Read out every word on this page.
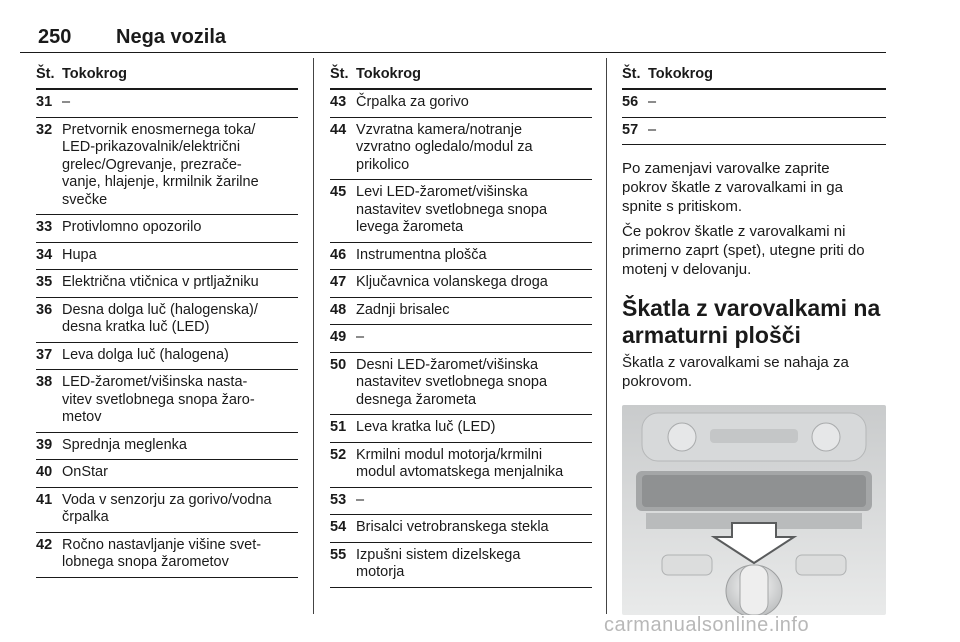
250 Nega vozila
Št. Tokokrog
31 –
32 Pretvornik enosmernega toka/
LED-prikazovalnik/električni
grelec/Ogrevanje, prezrače-
vanje, hlajenje, krmilnik žarilne
svečke
33 Protivlomno opozorilo
34 Hupa
35 Električna vtičnica v prtljažniku
36 Desna dolga luč (halogenska)/
desna kratka luč (LED)
37 Leva dolga luč (halogena)
38 LED-žaromet/višinska nasta-
vitev svetlobnega snopa žaro-
metov
39 Sprednja meglenka
40 OnStar
41 Voda v senzorju za gorivo/vodna
črpalka
42 Ročno nastavljanje višine svet-
lobnega snopa žarometov
Št. Tokokrog
43 Črpalka za gorivo
44 Vzvratna kamera/notranje
vzvratno ogledalo/modul za
prikolico
45 Levi LED-žaromet/višinska
nastavitev svetlobnega snopa
levega žarometa
46 Instrumentna plošča
47 Ključavnica volanskega droga
48 Zadnji brisalec
49 –
50 Desni LED-žaromet/višinska
nastavitev svetlobnega snopa
desnega žarometa
51 Leva kratka luč (LED)
52 Krmilni modul motorja/krmilni
modul avtomatskega menjalnika
53 –
54 Brisalci vetrobranskega stekla
55 Izpušni sistem dizelskega
motorja
Št. Tokokrog
56 –
57 –

Po zamenjavi varovalke zaprite
pokrov škatle z varovalkami in ga
spnite s pritiskom.

Če pokrov škatle z varovalkami ni
primerno zaprt (spet), utegne priti do
motenj v delovanju.

Škatla z varovalkami na
armaturni plošči

Škatla z varovalkami se nahaja za
pokrovom.

carmanualsonline.info
